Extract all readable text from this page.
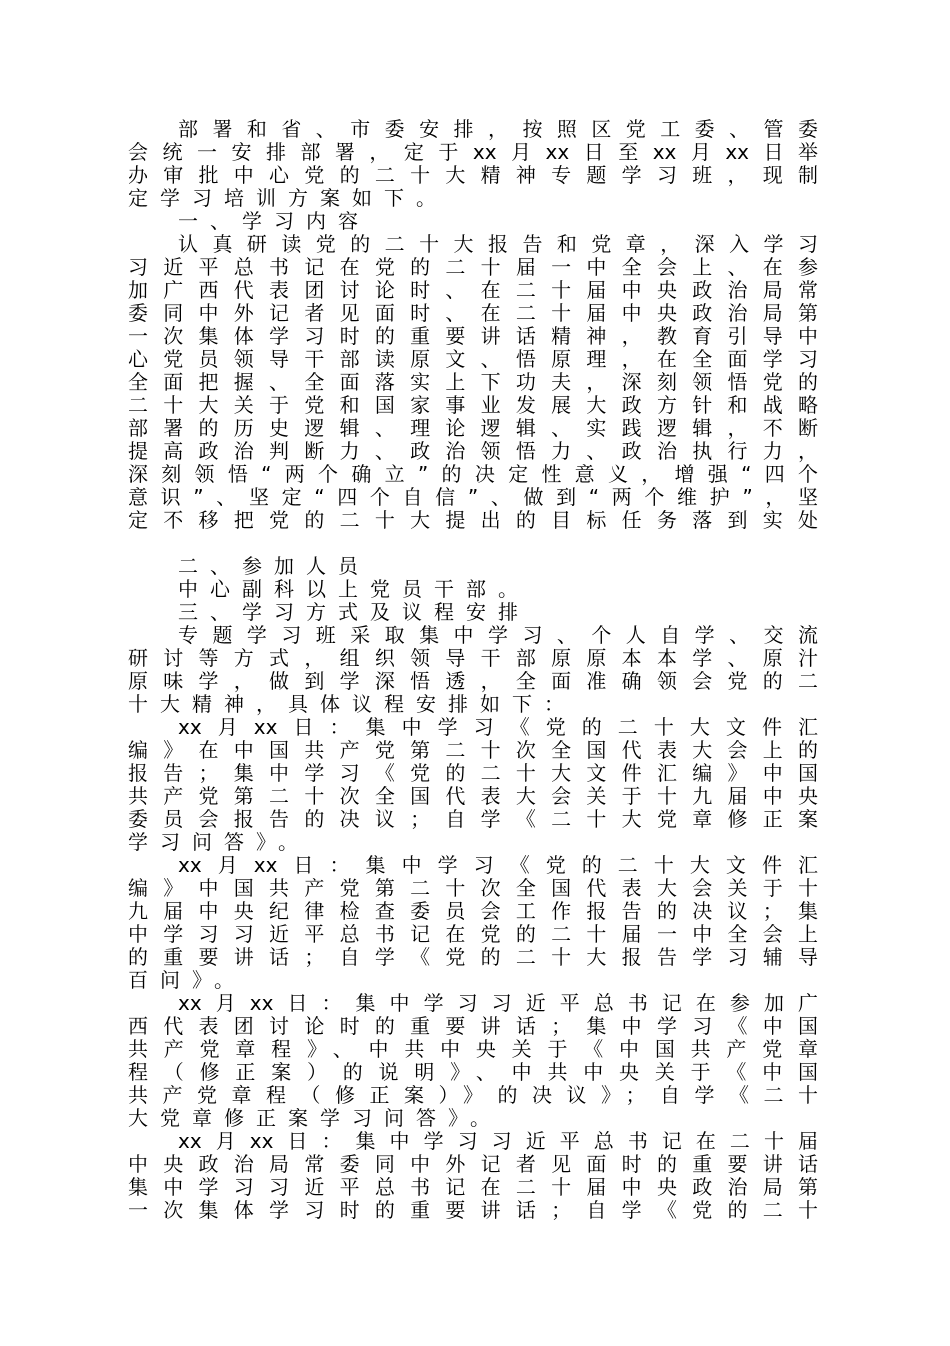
部署和省、市委安排，按照区党工委、管委
会统一安排部署，定于xx月xx日至xx月xx日举
办审批中心党的二十大精神专题学习班，现制
定学习培训方案如下。
一、学习内容
认真研读党的二十大报告和党章，深入学习
习近平总书记在党的二十届一中全会上、在参
加广西代表团讨论时、在二十届中央政治局常
委同中外记者见面时、在二十届中央政治局第
一次集体学习时的重要讲话精神，教育引导中
心党员领导干部读原文、悟原理，在全面学习
全面把握、全面落实上下功夫，深刻领悟党的
二十大关于党和国家事业发展大政方针和战略
部署的历史逻辑、理论逻辑、实践逻辑，不断
提高政治判断力、政治领悟力、政治执行力，
深刻领悟“两个确立”的决定性意义，增强“四个
意识”、坚定“四个自信”、做到“两个维护”，坚
定不移把党的二十大提出的目标任务落到实处
二、参加人员
中心副科以上党员干部。
三、学习方式及议程安排
专题学习班采取集中学习、个人自学、交流
研讨等方式，组织领导干部原原本本学、原汁
原味学，做到学深悟透，全面准确领会党的二
十大精神，具体议程安排如下：
xx月xx日：集中学习《党的二十大文件汇
编》在中国共产党第二十次全国代表大会上的
报告；集中学习《党的二十大文件汇编》中国
共产党第二十次全国代表大会关于十九届中央
委员会报告的决议；自学《二十大党章修正案
学习问答》。
xx月xx日：集中学习《党的二十大文件汇
编》中国共产党第二十次全国代表大会关于十
九届中央纪律检查委员会工作报告的决议；集
中学习习近平总书记在党的二十届一中全会上
的重要讲话；自学《党的二十大报告学习辅导
百问》。
xx月xx日：集中学习习近平总书记在参加广
西代表团讨论时的重要讲话；集中学习《中国
共产党章程》、中共中央关于《中国共产党章
程（修正案）的说明》、中共中央关于《中国
共产党章程（修正案）》的决议》；自学《二十
大党章修正案学习问答》。
xx月xx日：集中学习习近平总书记在二十届
中央政治局常委同中外记者见面时的重要讲话
集中学习习近平总书记在二十届中央政治局第
一次集体学习时的重要讲话；自学《党的二十
